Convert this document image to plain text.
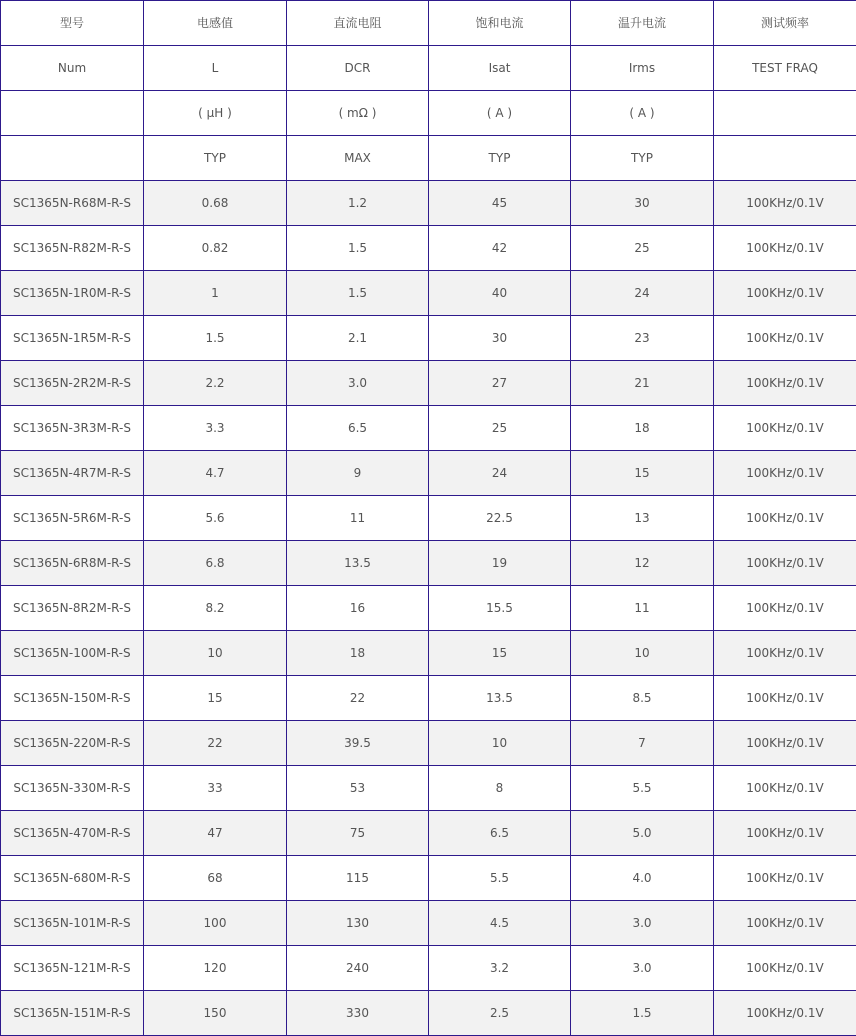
型号	电感值	直流电阻	饱和电流	温升电流	测试频率
Num	L	DCR	Isat	Irms	TEST FRAQ
	( μH )	( mΩ )	( A )	( A )	
	TYP	MAX	TYP	TYP	
SC1365N-R68M-R-S	0.68	1.2	45	30	100KHz/0.1V
SC1365N-R82M-R-S	0.82	1.5	42	25	100KHz/0.1V
SC1365N-1R0M-R-S	1	1.5	40	24	100KHz/0.1V
SC1365N-1R5M-R-S	1.5	2.1	30	23	100KHz/0.1V
SC1365N-2R2M-R-S	2.2	3.0	27	21	100KHz/0.1V
SC1365N-3R3M-R-S	3.3	6.5	25	18	100KHz/0.1V
SC1365N-4R7M-R-S	4.7	9	24	15	100KHz/0.1V
SC1365N-5R6M-R-S	5.6	11	22.5	13	100KHz/0.1V
SC1365N-6R8M-R-S	6.8	13.5	19	12	100KHz/0.1V
SC1365N-8R2M-R-S	8.2	16	15.5	11	100KHz/0.1V
SC1365N-100M-R-S	10	18	15	10	100KHz/0.1V
SC1365N-150M-R-S	15	22	13.5	8.5	100KHz/0.1V
SC1365N-220M-R-S	22	39.5	10	7	100KHz/0.1V
SC1365N-330M-R-S	33	53	8	5.5	100KHz/0.1V
SC1365N-470M-R-S	47	75	6.5	5.0	100KHz/0.1V
SC1365N-680M-R-S	68	115	5.5	4.0	100KHz/0.1V
SC1365N-101M-R-S	100	130	4.5	3.0	100KHz/0.1V
SC1365N-121M-R-S	120	240	3.2	3.0	100KHz/0.1V
SC1365N-151M-R-S	150	330	2.5	1.5	100KHz/0.1V
